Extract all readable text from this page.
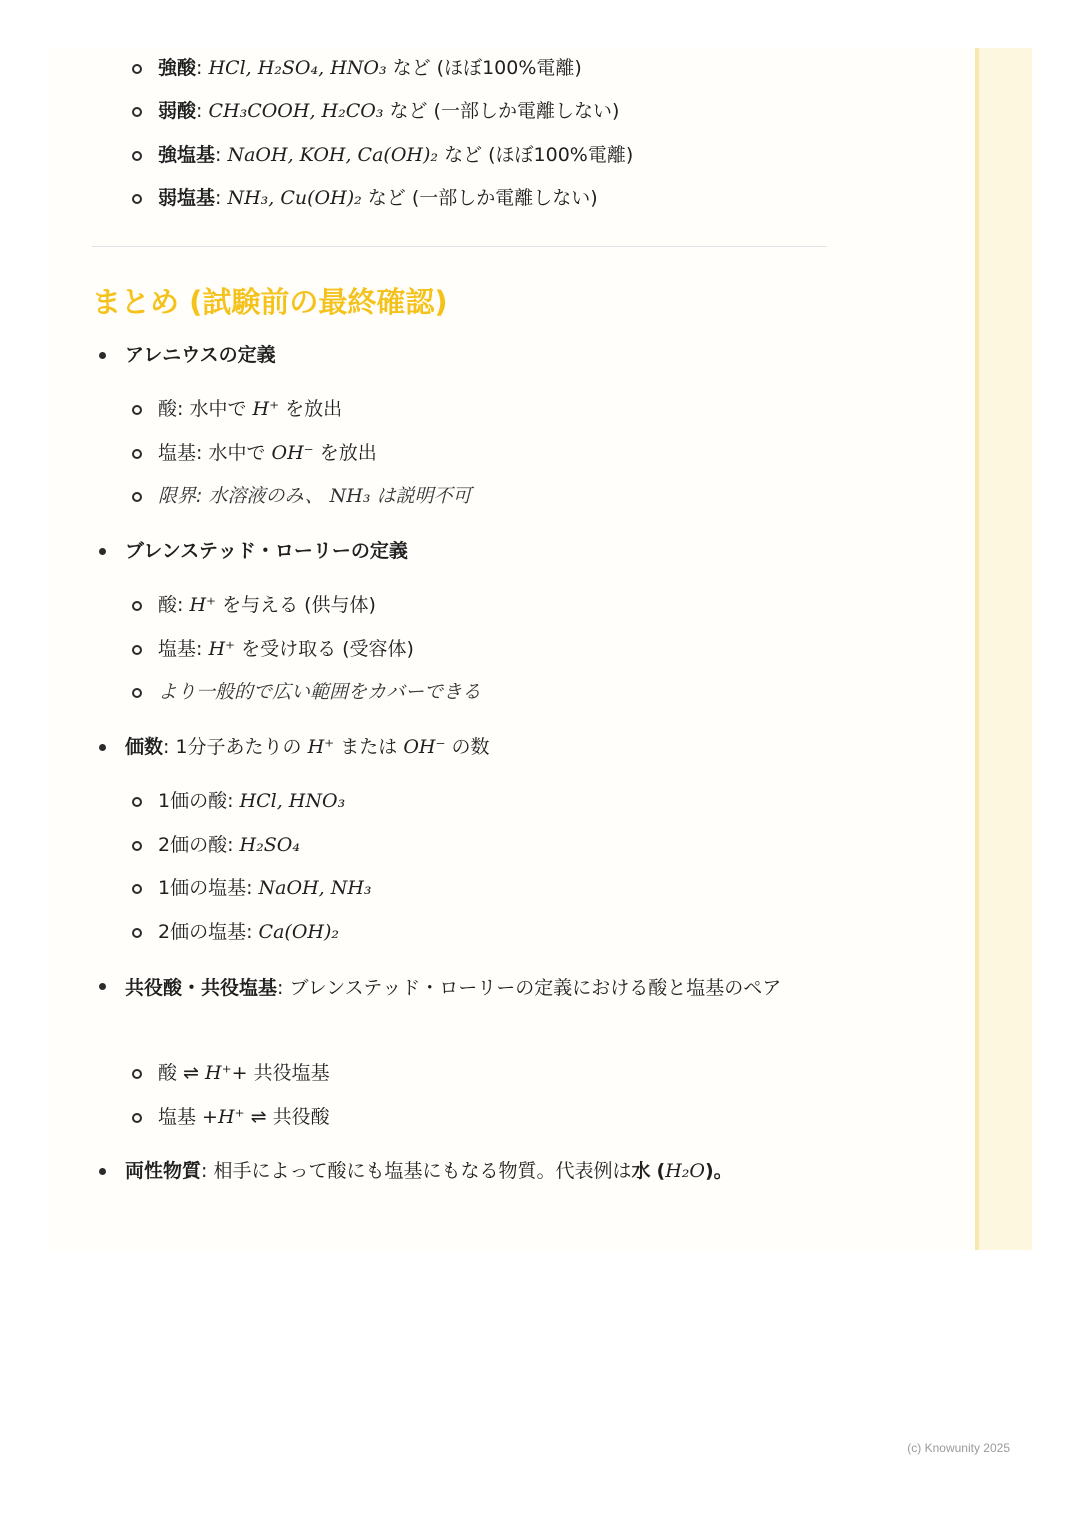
強酸: HCl, H₂SO₄, HNO₃ など (ほぼ100%電離)
弱酸: CH₃COOH, H₂CO₃ など (一部しか電離しない)
強塩基: NaOH, KOH, Ca(OH)₂ など (ほぼ100%電離)
弱塩基: NH₃, Cu(OH)₂ など (一部しか電離しない)
まとめ (試験前の最終確認)
アレニウスの定義
酸: 水中で H⁺ を放出
塩基: 水中で OH⁻ を放出
限界: 水溶液のみ、 NH₃ は説明不可
ブレンステッド・ローリーの定義
酸: H⁺ を与える (供与体)
塩基: H⁺ を受け取る (受容体)
より一般的で広い範囲をカバーできる
価数: 1分子あたりの H⁺ または OH⁻ の数
1価の酸: HCl, HNO₃
2価の酸: H₂SO₄
1価の塩基: NaOH, NH₃
2価の塩基: Ca(OH)₂
共役酸・共役塩基: ブレンステッド・ローリーの定義における酸と塩基のペア
酸 ⇌ H⁺+ 共役塩基
塩基 +H⁺ ⇌ 共役酸
両性物質: 相手によって酸にも塩基にもなる物質。代表例は水 (H₂O)。
(c) Knowunity 2025
